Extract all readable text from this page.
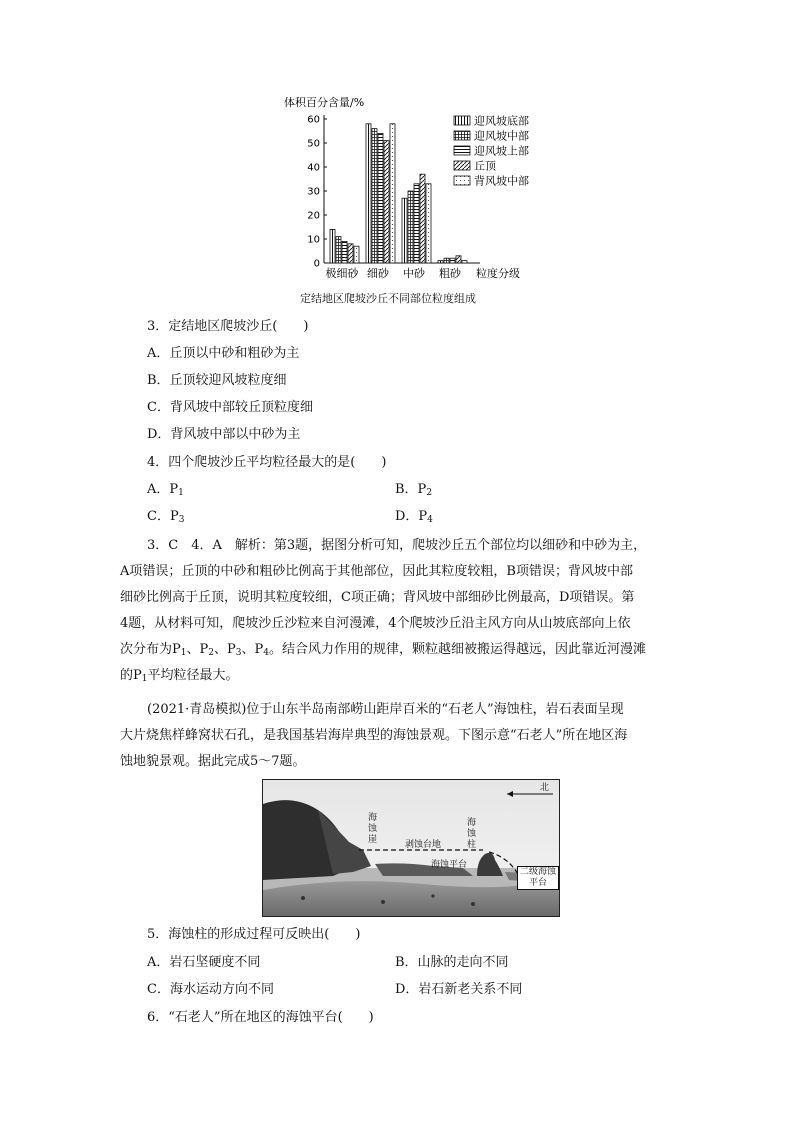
体积百分含量/%
0
10
20
30
40
50
60	迎风坡底部
迎风坡中部
迎风坡上部
丘顶
背风坡中部
极细砂 细砂 中砂 粗砂 粒度分级
定结地区爬坡沙丘不同部位粒度组成
3．定结地区爬坡沙丘(　　)
A．丘顶以中砂和粗砂为主
B．丘顶较迎风坡粒度细
C．背风坡中部较丘顶粒度细
D．背风坡中部以中砂为主
4．四个爬坡沙丘平均粒径最大的是(　　)
A．$P_1$	B．$P_2$
C．$P_3$	D．$P_4$
3．C　4．A　解析：第3题，据图分析可知，爬坡沙丘五个部位均以细砂和中砂为主，
A项错误；丘顶的中砂和粗砂比例高于其他部位，因此其粒度较粗，B项错误；背风坡中部
细砂比例高于丘顶，说明其粒度较细，C项正确；背风坡中部细砂比例最高，D项错误。第
4题，从材料可知，爬坡沙丘沙粒来自河漫滩，4个爬坡沙丘沿主风方向从山坡底部向上依
次分布为$P_1$、$P_2$、$P_3$、$P_4$。结合风力作用的规律，颗粒越细被搬运得越远，因此靠近河漫滩
的$P_1$平均粒径最大。
(2021·青岛模拟)位于山东半岛南部崂山距岸百米的“石老人”海蚀柱，岩石表面呈现
大片烧焦样蜂窝状石孔，是我国基岩海岸典型的海蚀景观。下图示意“石老人”所在地区海
蚀地貌景观。据此完成5～7题。
北
海
蚀
崖
海
蚀
柱
剥蚀台地
海蚀平台
二级海蚀
平台
5．海蚀柱的形成过程可反映出(　　)
A．岩石坚硬度不同	B．山脉的走向不同
C．海水运动方向不同	D．岩石新老关系不同
6．“石老人”所在地区的海蚀平台(　　)
